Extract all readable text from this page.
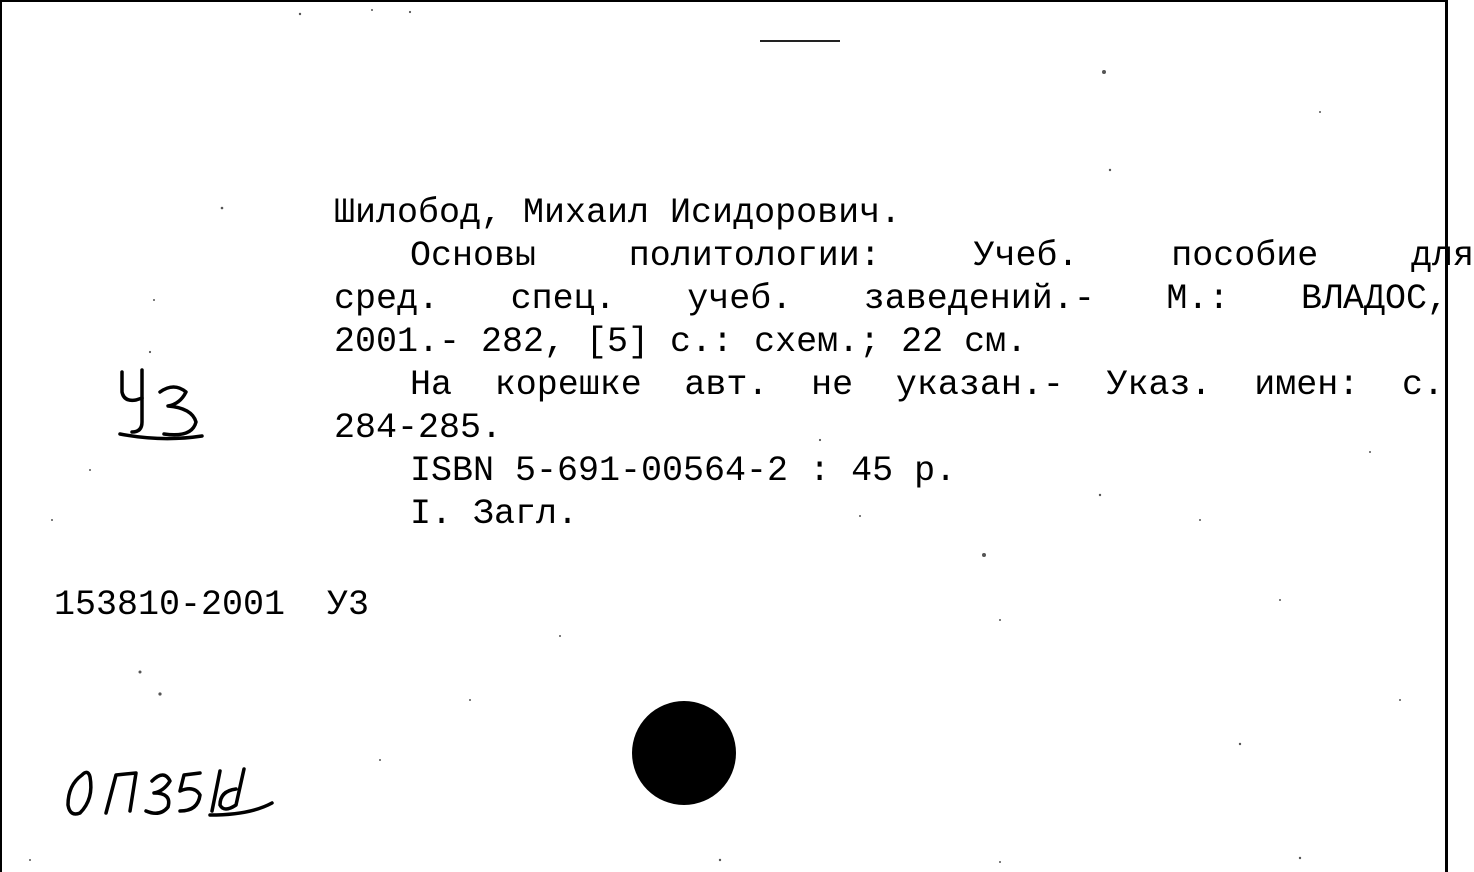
Шилобод, Михаил Исидорович.
Основы	политологии:	Учеб.	пособие	для
сред. спец. учеб. заведений.- М.: ВЛАДОС,
2001.- 282, [5] с.: схем.; 22 см.
На корешке авт. не указан.- Указ. имен: с.
284-285.
ISBN 5-691-00564-2 : 45 р.
I. Загл.
153810-2001  У3
